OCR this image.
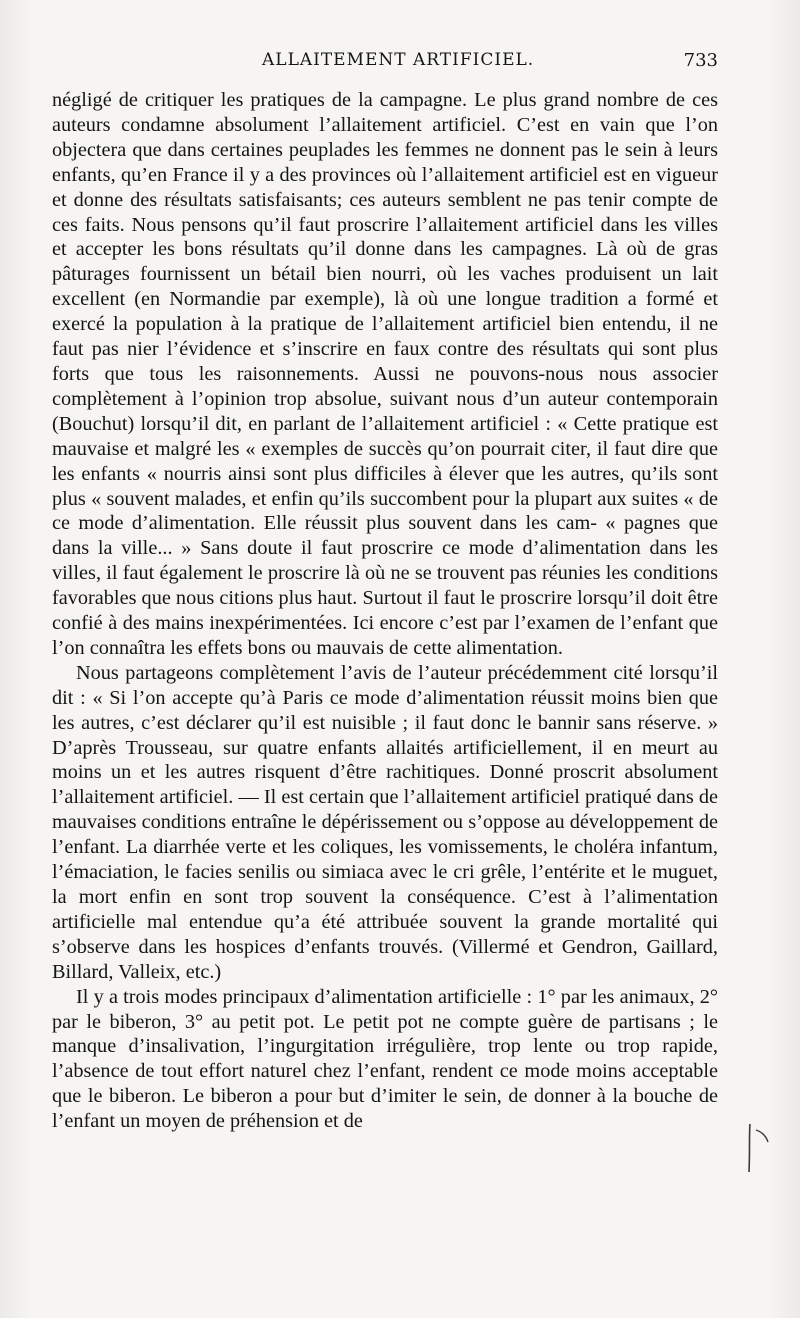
ALLAITEMENT ARTIFICIEL.	733

négligé de critiquer les pratiques de la campagne. Le plus grand nombre de ces auteurs condamne absolument l’allaitement artificiel. C’est en vain que l’on objectera que dans certaines peuplades les femmes ne donnent pas le sein à leurs enfants, qu’en France il y a des provinces où l’allaitement artificiel est en vigueur et donne des résultats satisfaisants; ces auteurs semblent ne pas tenir compte de ces faits. Nous pensons qu’il faut proscrire l’allaitement artificiel dans les villes et accepter les bons résultats qu’il donne dans les campagnes. Là où de gras pâturages fournissent un bétail bien nourri, où les vaches produisent un lait excellent (en Normandie par exemple), là où une longue tradition a formé et exercé la population à la pratique de l’allaitement artificiel bien entendu, il ne faut pas nier l’évidence et s’inscrire en faux contre des résultats qui sont plus forts que tous les raisonnements. Aussi ne pouvons-nous nous associer complètement à l’opinion trop absolue, suivant nous d’un auteur contemporain (Bouchut) lorsqu’il dit, en parlant de l’allaitement artificiel : « Cette pratique est mauvaise et malgré les « exemples de succès qu’on pourrait citer, il faut dire que les enfants « nourris ainsi sont plus difficiles à élever que les autres, qu’ils sont plus « souvent malades, et enfin qu’ils succombent pour la plupart aux suites « de ce mode d’alimentation. Elle réussit plus souvent dans les cam- « pagnes que dans la ville... » Sans doute il faut proscrire ce mode d’alimentation dans les villes, il faut également le proscrire là où ne se trouvent pas réunies les conditions favorables que nous citions plus haut. Surtout il faut le proscrire lorsqu’il doit être confié à des mains inexpérimentées. Ici encore c’est par l’examen de l’enfant que l’on connaîtra les effets bons ou mauvais de cette alimentation.

Nous partageons complètement l’avis de l’auteur précédemment cité lorsqu’il dit : « Si l’on accepte qu’à Paris ce mode d’alimentation réussit moins bien que les autres, c’est déclarer qu’il est nuisible ; il faut donc le bannir sans réserve. » D’après Trousseau, sur quatre enfants allaités artificiellement, il en meurt au moins un et les autres risquent d’être rachitiques. Donné proscrit absolument l’allaitement artificiel. — Il est certain que l’allaitement artificiel pratiqué dans de mauvaises conditions entraîne le dépérissement ou s’oppose au développement de l’enfant. La diarrhée verte et les coliques, les vomissements, le choléra infantum, l’émaciation, le facies senilis ou simiaca avec le cri grêle, l’entérite et le muguet, la mort enfin en sont trop souvent la conséquence. C’est à l’alimentation artificielle mal entendue qu’a été attribuée souvent la grande mortalité qui s’observe dans les hospices d’enfants trouvés. (Villermé et Gendron, Gaillard, Billard, Valleix, etc.)

Il y a trois modes principaux d’alimentation artificielle : 1° par les animaux, 2° par le biberon, 3° au petit pot. Le petit pot ne compte guère de partisans ; le manque d’insalivation, l’ingurgitation irrégulière, trop lente ou trop rapide, l’absence de tout effort naturel chez l’enfant, rendent ce mode moins acceptable que le biberon. Le biberon a pour but d’imiter le sein, de donner à la bouche de l’enfant un moyen de préhension et de
